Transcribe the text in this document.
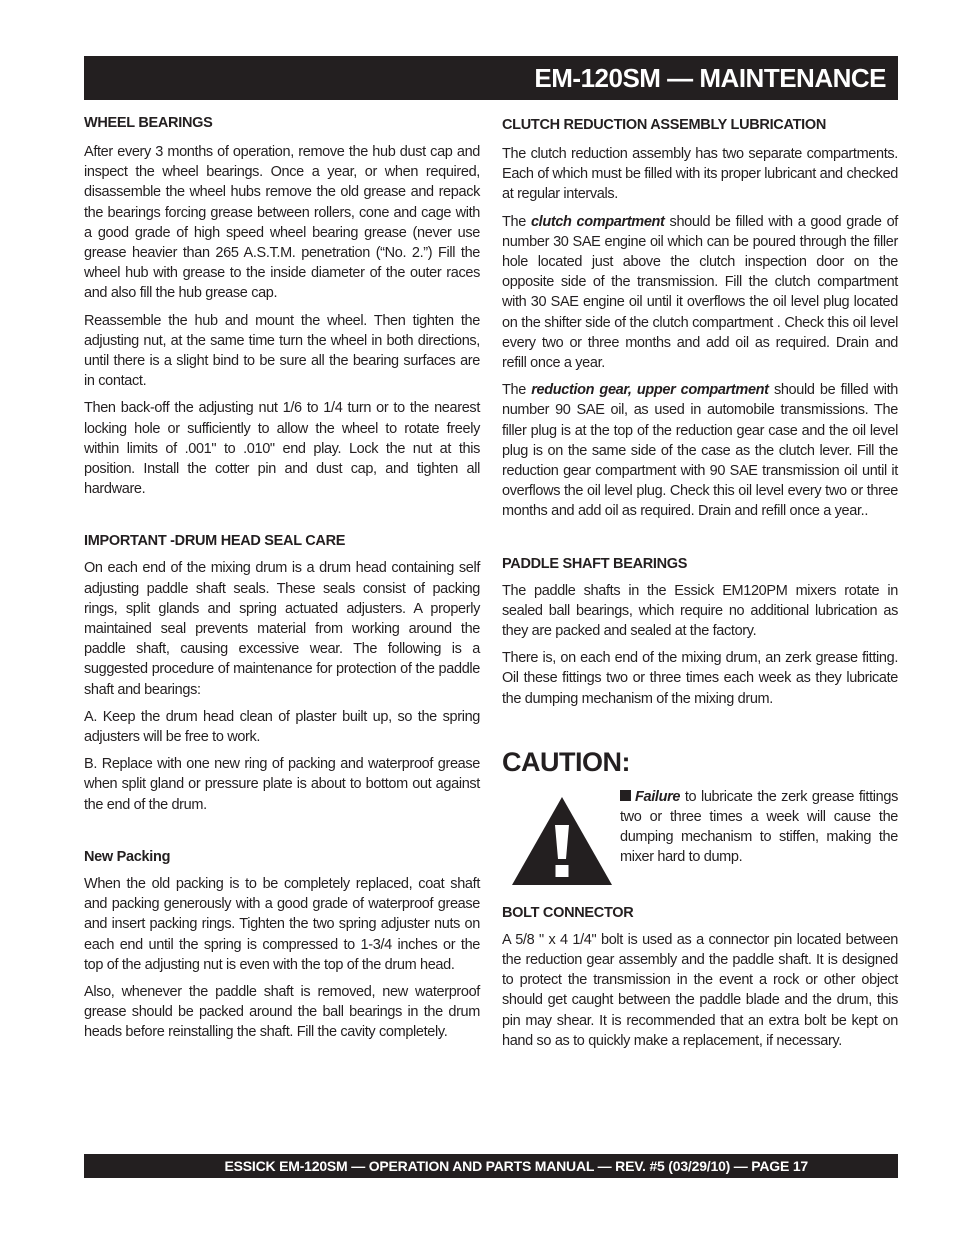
EM-120SM — MAINTENANCE
WHEEL BEARINGS

After every 3 months of operation, remove the hub dust cap and inspect the wheel bearings. Once a year, or when required, disassemble the wheel hubs remove the old grease and repack the bearings forcing grease between rollers, cone and cage with a good grade of high speed wheel bearing grease (never use grease heavier than 265 A.S.T.M. penetration (“No. 2.”) Fill the wheel hub with grease to the inside diameter of the outer races and also fill the hub grease cap.

Reassemble the hub and mount the wheel. Then tighten the adjusting nut, at the same time turn the wheel in both directions, until there is a slight bind to be sure all the bearing surfaces are in contact.

Then back-off the adjusting nut 1/6 to 1/4 turn or to the nearest locking hole or sufficiently to allow the wheel to rotate freely within limits of .001" to .010" end play. Lock the nut at this position. Install the cotter pin and dust cap, and tighten all hardware.

IMPORTANT -DRUM HEAD SEAL CARE

On each end of the mixing drum is a drum head containing self adjusting paddle shaft seals. These seals consist of packing rings, split glands and spring actuated adjusters. A properly maintained seal prevents material from working around the paddle shaft, causing excessive wear. The following is a suggested procedure of maintenance for protection of the paddle shaft and bearings:

A. Keep the drum head clean of plaster built up, so the spring adjusters will be free to work.

B. Replace with one new ring of packing and waterproof grease when split gland or pressure plate is about to bottom out against the end of the drum.

New Packing

When the old packing is to be completely replaced, coat shaft and packing generously with a good grade of waterproof grease and insert packing rings. Tighten the two spring adjuster nuts on each end until the spring is compressed to 1-3/4 inches or the top of the adjusting nut is even with the top of the drum head.

Also, whenever the paddle shaft is removed, new waterproof grease should be packed around the ball bearings in the drum heads before reinstalling the shaft. Fill the cavity completely.

CLUTCH REDUCTION ASSEMBLY LUBRICATION

The clutch reduction assembly has two separate compartments. Each of which must be filled with its proper lubricant and checked at regular intervals.

The clutch compartment should be filled with a good grade of number 30 SAE engine oil which can be poured through the filler hole located just above the clutch inspection door on the opposite side of the transmission. Fill the clutch compartment with 30 SAE engine oil until it overflows the oil level plug located on the shifter side of the clutch compartment . Check this oil level every two or three months and add oil as required. Drain and refill once a year.

The reduction gear, upper compartment should be filled with number 90 SAE oil, as used in automobile transmissions. The filler plug is at the top of the reduction gear case and the oil level plug is on the same side of the case as the clutch lever. Fill the reduction gear compartment with 90 SAE transmission oil until it overflows the oil level plug. Check this oil level every two or three months and add oil as required. Drain and refill once a year..

PADDLE SHAFT BEARINGS

The paddle shafts in the Essick EM120PM mixers rotate in sealed ball bearings, which require no additional lubrication as they are packed and sealed at the factory.

There is, on each end of the mixing drum, an zerk grease fitting. Oil these fittings two or three times each week as they lubricate the dumping mechanism of the mixing drum.

CAUTION:

Failure to lubricate the zerk grease fittings two or three times a week will cause the dumping mechanism to stiffen, making the mixer hard to dump.

BOLT CONNECTOR

A 5/8 " x 4 1/4" bolt is used as a connector pin located between the reduction gear assembly and the paddle shaft. It is designed to protect the transmission in the event a rock or other object should get caught between the paddle blade and the drum, this pin may shear. It is recommended that an extra bolt be kept on hand so as to quickly make a replacement, if necessary.

ESSICK EM-120SM — OPERATION AND PARTS MANUAL — REV. #5 (03/29/10) — PAGE 17
